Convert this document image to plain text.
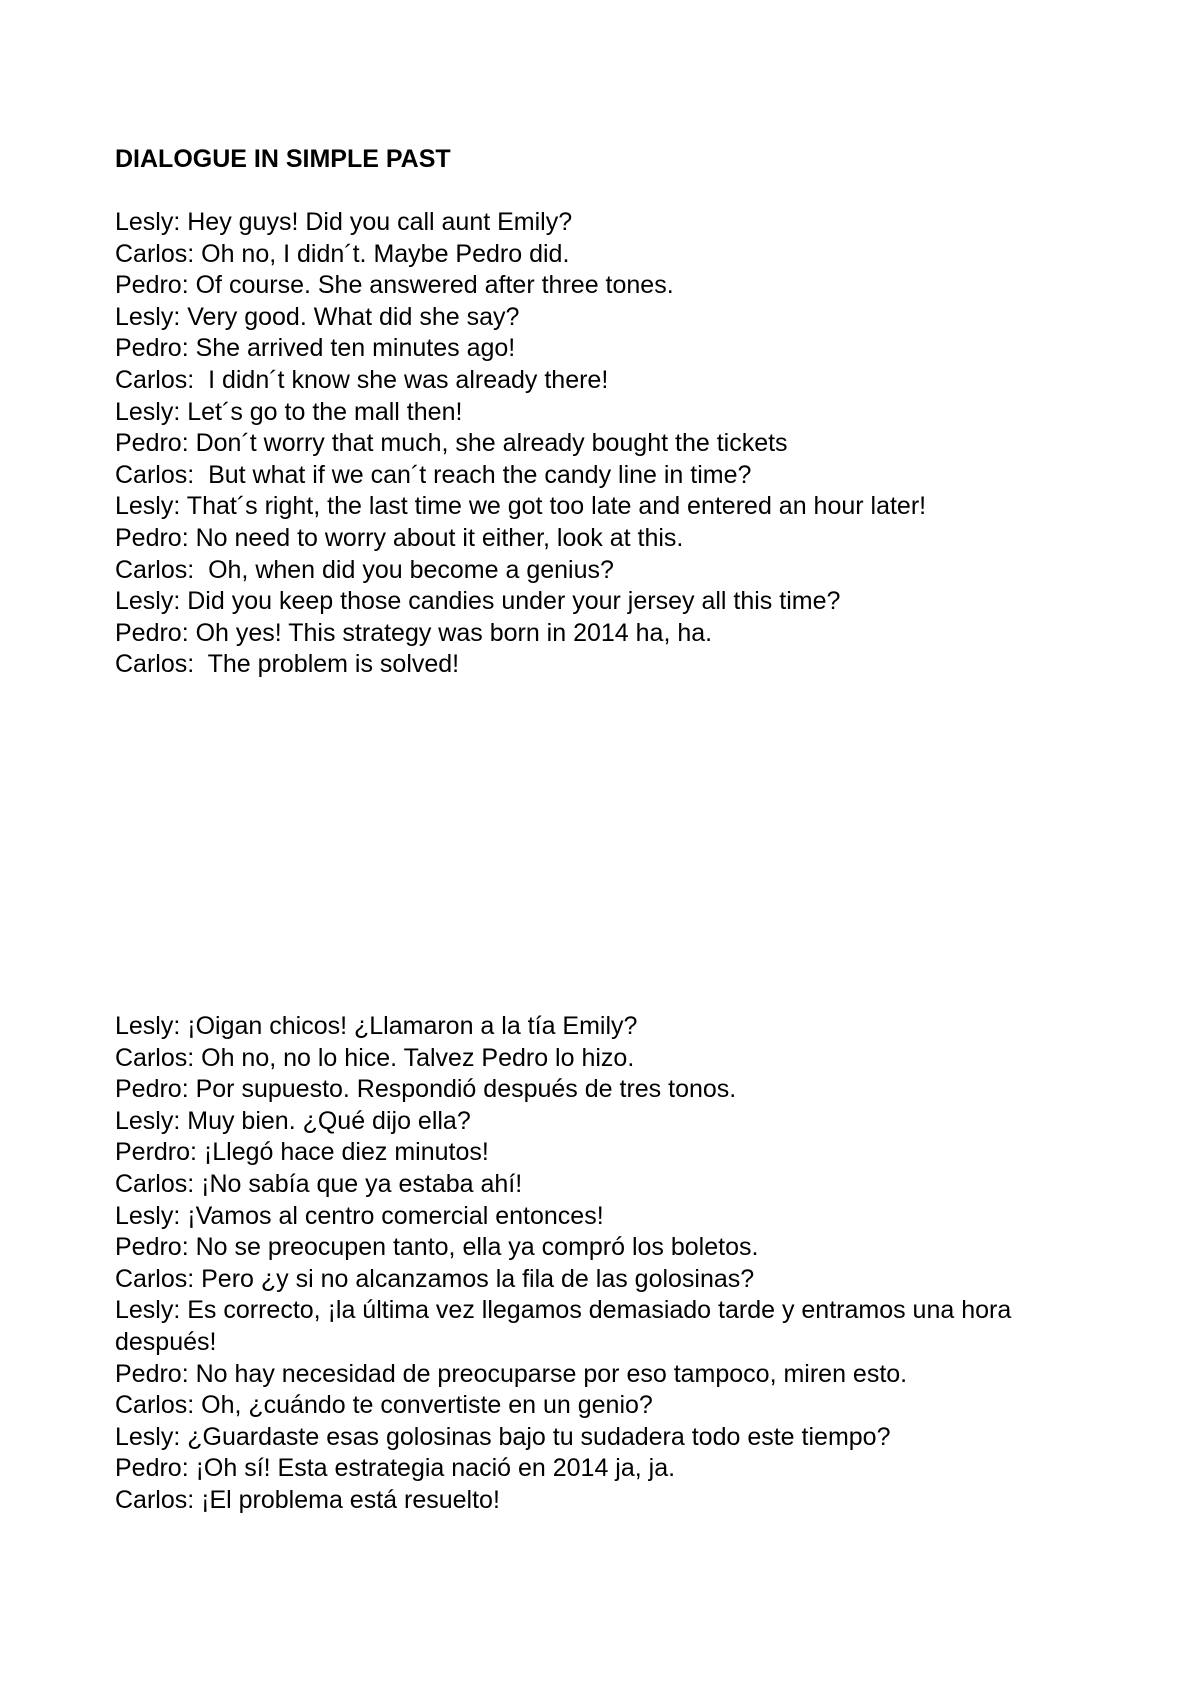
DIALOGUE IN SIMPLE PAST
Lesly: Hey guys! Did you call aunt Emily?
Carlos: Oh no, I didn´t. Maybe Pedro did.
Pedro: Of course. She answered after three tones.
Lesly: Very good. What did she say?
Pedro: She arrived ten minutes ago!
Carlos:  I didn´t know she was already there!
Lesly: Let´s go to the mall then!
Pedro: Don´t worry that much, she already bought the tickets
Carlos:  But what if we can´t reach the candy line in time?
Lesly: That´s right, the last time we got too late and entered an hour later!
Pedro: No need to worry about it either, look at this.
Carlos:  Oh, when did you become a genius?
Lesly: Did you keep those candies under your jersey all this time?
Pedro: Oh yes! This strategy was born in 2014 ha, ha.
Carlos:  The problem is solved!
Lesly: ¡Oigan chicos! ¿Llamaron a la tía Emily?
Carlos: Oh no, no lo hice. Talvez Pedro lo hizo.
Pedro: Por supuesto. Respondió después de tres tonos.
Lesly: Muy bien. ¿Qué dijo ella?
Perdro: ¡Llegó hace diez minutos!
Carlos: ¡No sabía que ya estaba ahí!
Lesly: ¡Vamos al centro comercial entonces!
Pedro: No se preocupen tanto, ella ya compró los boletos.
Carlos: Pero ¿y si no alcanzamos la fila de las golosinas?
Lesly: Es correcto, ¡la última vez llegamos demasiado tarde y entramos una hora después!
Pedro: No hay necesidad de preocuparse por eso tampoco, miren esto.
Carlos: Oh, ¿cuándo te convertiste en un genio?
Lesly: ¿Guardaste esas golosinas bajo tu sudadera todo este tiempo?
Pedro: ¡Oh sí! Esta estrategia nació en 2014 ja, ja.
Carlos: ¡El problema está resuelto!
